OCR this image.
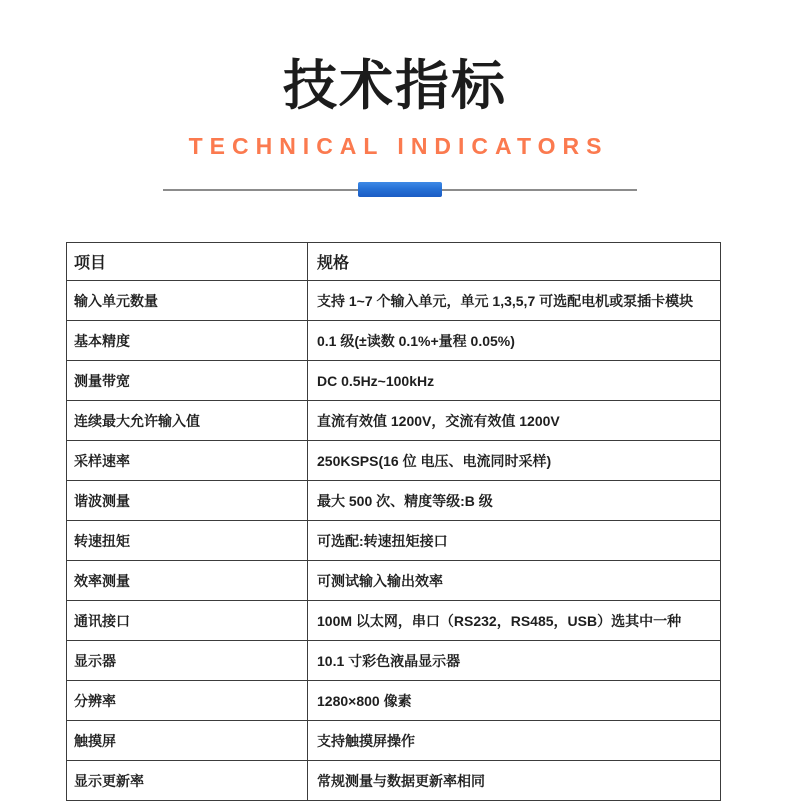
技术指标
TECHNICAL INDICATORS
项目	规格
输入单元数量	支持 1~7 个输入单元，单元 1,3,5,7 可选配电机或泵插卡模块
基本精度	0.1 级(±读数 0.1%+量程 0.05%)
测量带宽	DC 0.5Hz~100kHz
连续最大允许输入值	直流有效值 1200V，交流有效值 1200V
采样速率	250KSPS(16 位 电压、电流同时采样)
谐波测量	最大 500 次、精度等级:B 级
转速扭矩	可选配:转速扭矩接口
效率测量	可测试输入输出效率
通讯接口	100M 以太网，串口（RS232，RS485，USB）选其中一种
显示器	10.1 寸彩色液晶显示器
分辨率	1280×800 像素
触摸屏	支持触摸屏操作
显示更新率	常规测量与数据更新率相同
